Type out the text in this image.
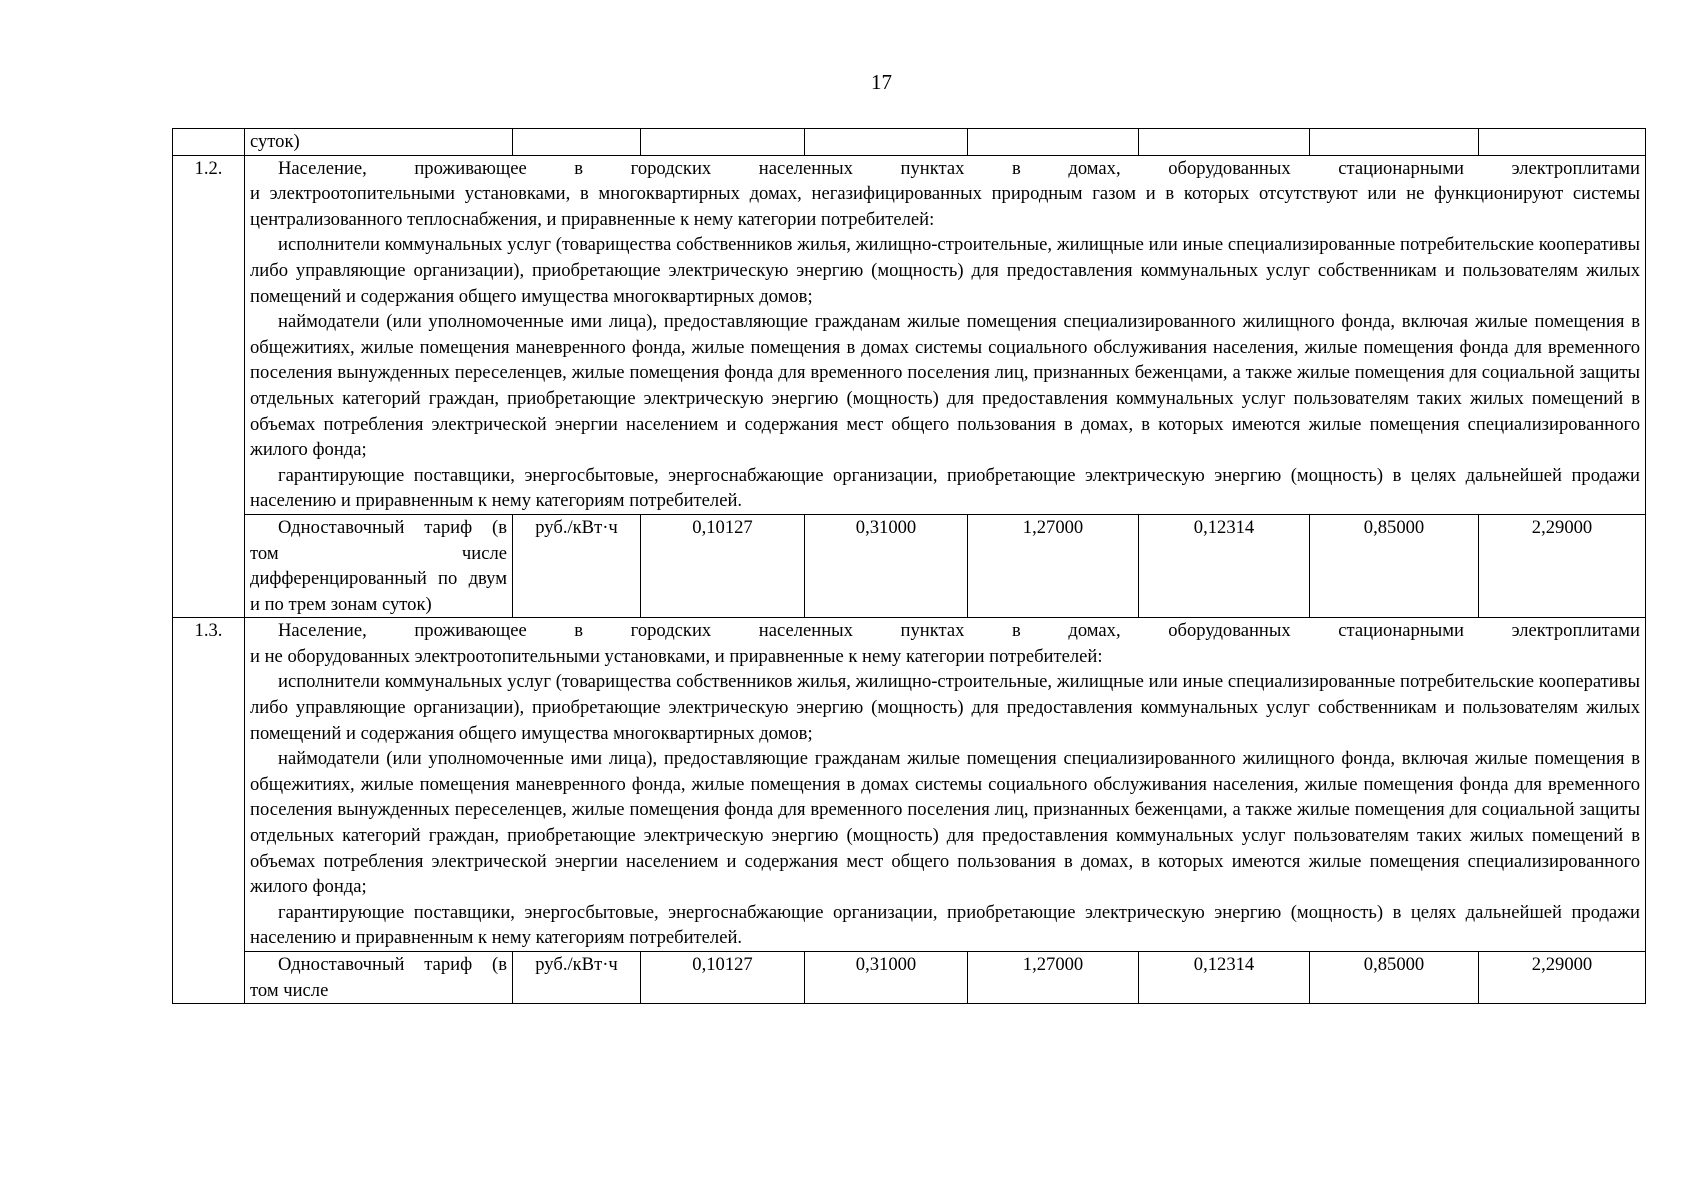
17
	суток)							
1.2.	Население, проживающее в городских населенных пунктах в домах, оборудованных стационарными электроплитами
и электроотопительными установками, в многоквартирных домах, негазифицированных природным газом и в которых отсутствуют или не функционируют системы централизованного теплоснабжения, и приравненные к нему категории потребителей:
исполнители коммунальных услуг (товарищества собственников жилья, жилищно-строительные, жилищные или иные специализированные потребительские кооперативы либо управляющие организации), приобретающие электрическую энергию (мощность) для предоставления коммунальных услуг собственникам и пользователям жилых помещений и содержания общего имущества многоквартирных домов;
наймодатели (или уполномоченные ими лица), предоставляющие гражданам жилые помещения специализированного жилищного фонда, включая жилые помещения в общежитиях, жилые помещения маневренного фонда, жилые помещения в домах системы социального обслуживания населения, жилые помещения фонда для временного поселения вынужденных переселенцев, жилые помещения фонда для временного поселения лиц, признанных беженцами, а также жилые помещения для социальной защиты отдельных категорий граждан, приобретающие электрическую энергию (мощность) для предоставления коммунальных услуг пользователям таких жилых помещений в объемах потребления электрической энергии населением и содержания мест общего пользования в домах, в которых имеются жилые помещения специализированного жилого фонда;
гарантирующие поставщики, энергосбытовые, энергоснабжающие организации, приобретающие электрическую энергию (мощность) в целях дальнейшей продажи населению и приравненным к нему категориям потребителей.							

	Одноставочный тариф (в том числе дифференцированный по двум и по трем зонам суток)	руб./кВт·ч	0,10127	0,31000	1,27000	0,12314	0,85000	2,29000
1.3.	Население, проживающее в городских населенных пунктах в домах, оборудованных стационарными электроплитами
и не оборудованных электроотопительными установками, и приравненные к нему категории потребителей:
исполнители коммунальных услуг (товарищества собственников жилья, жилищно-строительные, жилищные или иные специализированные потребительские кооперативы либо управляющие организации), приобретающие электрическую энергию (мощность) для предоставления коммунальных услуг собственникам и пользователям жилых помещений и содержания общего имущества многоквартирных домов;
наймодатели (или уполномоченные ими лица), предоставляющие гражданам жилые помещения специализированного жилищного фонда, включая жилые помещения в общежитиях, жилые помещения маневренного фонда, жилые помещения в домах системы социального обслуживания населения, жилые помещения фонда для временного поселения вынужденных переселенцев, жилые помещения фонда для временного поселения лиц, признанных беженцами, а также жилые помещения для социальной защиты отдельных категорий граждан, приобретающие электрическую энергию (мощность) для предоставления коммунальных услуг пользователям таких жилых помещений в объемах потребления электрической энергии населением и содержания мест общего пользования в домах, в которых имеются жилые помещения специализированного жилого фонда;
гарантирующие поставщики, энергосбытовые, энергоснабжающие организации, приобретающие электрическую энергию (мощность) в целях дальнейшей продажи населению и приравненным к нему категориям потребителей.							

	Одноставочный тариф (в том числе	руб./кВт·ч	0,10127	0,31000	1,27000	0,12314	0,85000	2,29000
